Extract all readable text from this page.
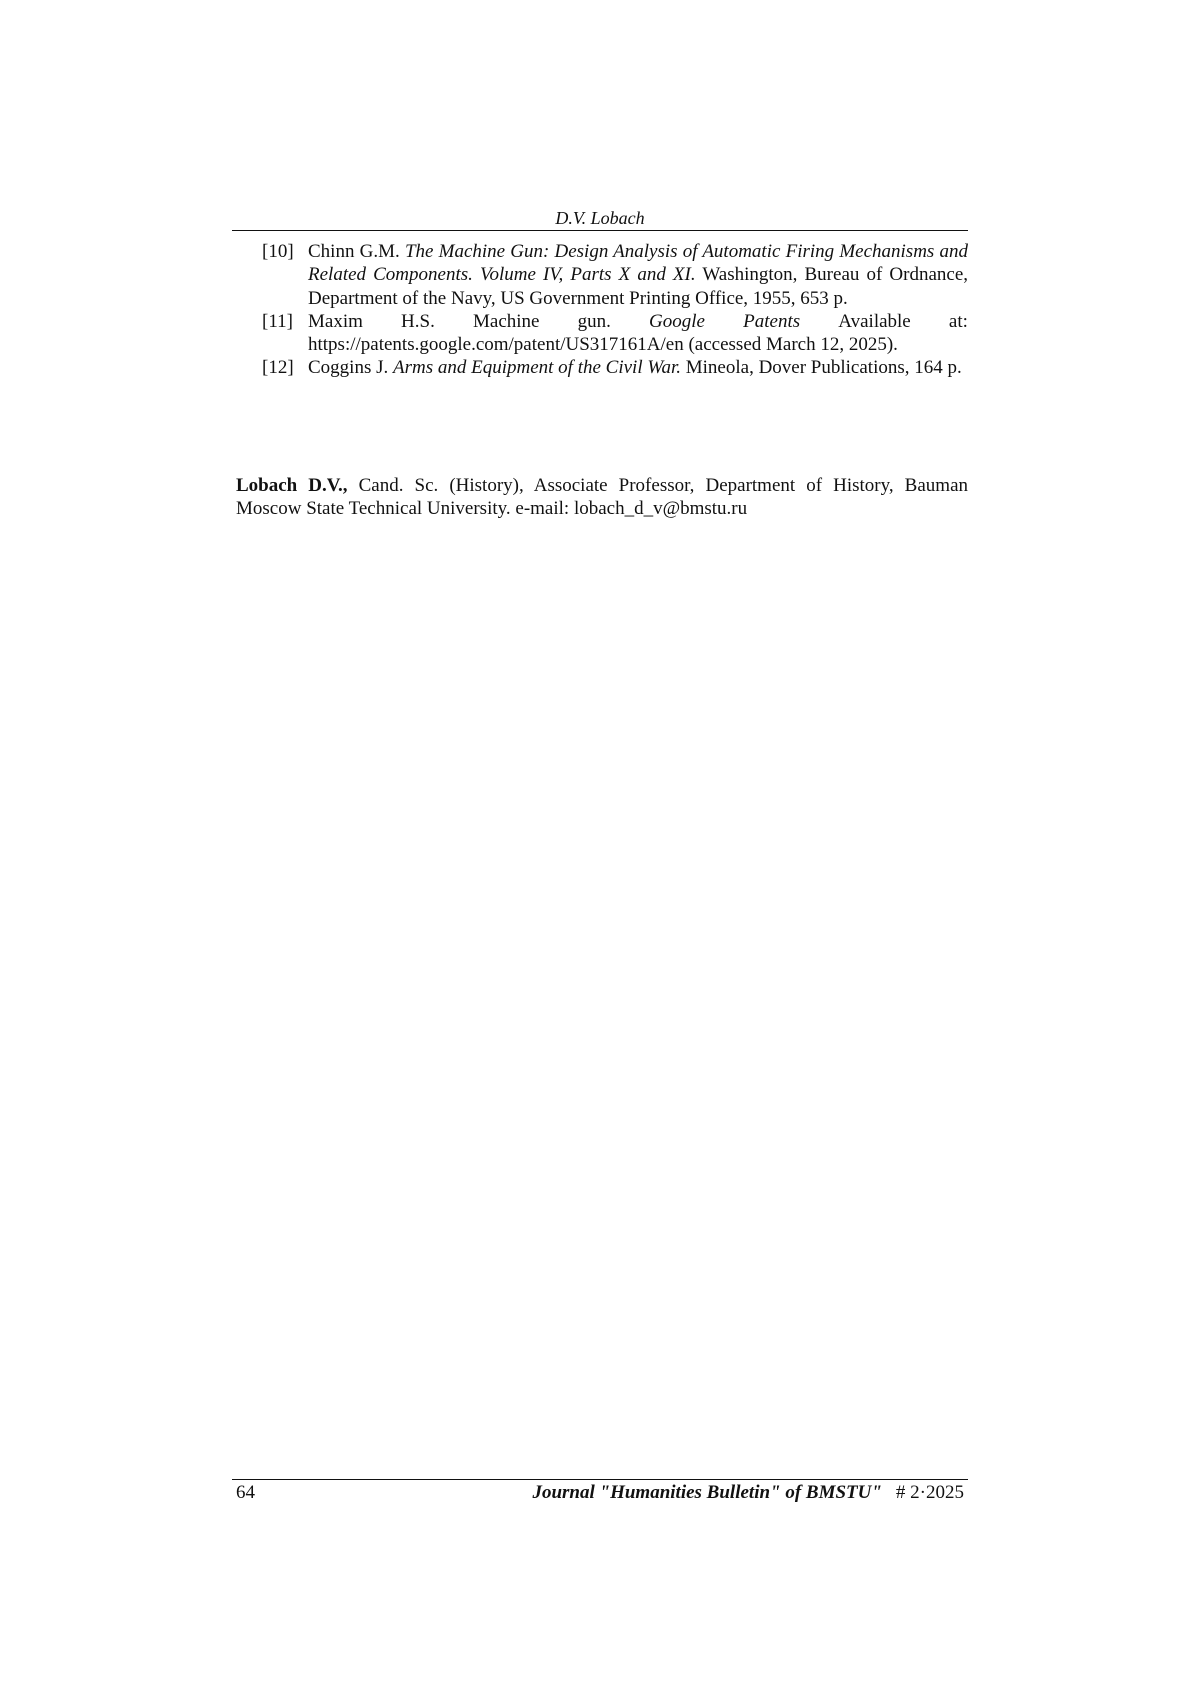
D.V. Lobach
[10] Chinn G.M. The Machine Gun: Design Analysis of Automatic Firing Mechanisms and Related Components. Volume IV, Parts X and XI. Washington, Bureau of Ordnance, Department of the Navy, US Government Printing Office, 1955, 653 p.
[11] Maxim H.S. Machine gun. Google Patents Available at:
https://patents.google.com/patent/US317161A/en (accessed March 12, 2025).
[12] Coggins J. Arms and Equipment of the Civil War. Mineola, Dover Publications, 164 p.
Lobach D.V., Cand. Sc. (History), Associate Professor, Department of History, Bauman Moscow State Technical University. e-mail: lobach_d_v@bmstu.ru
64	Journal "Humanities Bulletin" of BMSTU" # 2·2025
